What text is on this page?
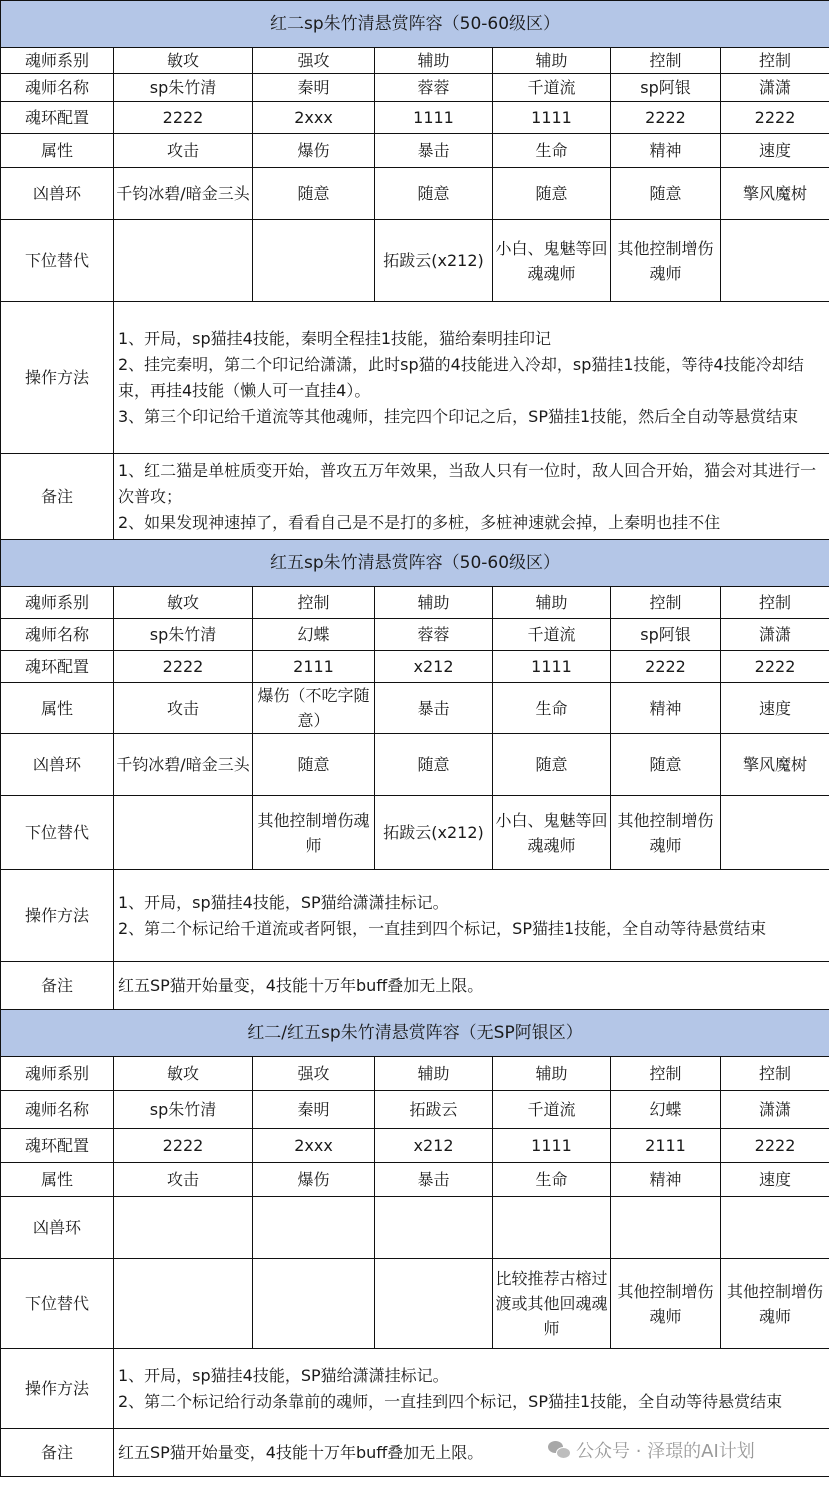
红二sp朱竹清悬赏阵容（50-60级区）						
魂师系别	敏攻	强攻	辅助	辅助	控制	控制
魂师名称	sp朱竹清	秦明	蓉蓉	千道流	sp阿银	潇潇
魂环配置	2222	2xxx	1111	1111	2222	2222
属性	攻击	爆伤	暴击	生命	精神	速度
凶兽环	千钧冰碧/暗金三头	随意	随意	随意	随意	擎风魔树
下位替代			拓跋云(x212)	小白、鬼魅等回魂魂师	其他控制增伤魂师	
操作方法	1、开局，sp猫挂4技能，秦明全程挂1技能，猫给秦明挂印记
2、挂完秦明，第二个印记给潇潇，此时sp猫的4技能进入冷却，sp猫挂1技能，等待4技能冷却结束，再挂4技能（懒人可一直挂4）。
3、第三个印记给千道流等其他魂师，挂完四个印记之后，SP猫挂1技能，然后全自动等悬赏结束					

备注	1、红二猫是单桩质变开始，普攻五万年效果，当敌人只有一位时，敌人回合开始，猫会对其进行一次普攻；
2、如果发现神速掉了，看看自己是不是打的多桩，多桩神速就会掉，上秦明也挂不住					

红五sp朱竹清悬赏阵容（50-60级区）						
魂师系别	敏攻	控制	辅助	辅助	控制	控制
魂师名称	sp朱竹清	幻蝶	蓉蓉	千道流	sp阿银	潇潇
魂环配置	2222	2111	x212	1111	2222	2222
属性	攻击	爆伤（不吃字随意）	暴击	生命	精神	速度
凶兽环	千钧冰碧/暗金三头	随意	随意	随意	随意	擎风魔树
下位替代		其他控制增伤魂师	拓跋云(x212)	小白、鬼魅等回魂魂师	其他控制增伤魂师	
操作方法	1、开局，sp猫挂4技能，SP猫给潇潇挂标记。
2、第二个标记给千道流或者阿银，一直挂到四个标记，SP猫挂1技能，全自动等待悬赏结束					

备注	红五SP猫开始量变，4技能十万年buff叠加无上限。					

红二/红五sp朱竹清悬赏阵容（无SP阿银区）						
魂师系别	敏攻	强攻	辅助	辅助	控制	控制
魂师名称	sp朱竹清	秦明	拓跋云	千道流	幻蝶	潇潇
魂环配置	2222	2xxx	x212	1111	2111	2222
属性	攻击	爆伤	暴击	生命	精神	速度
凶兽环						
下位替代				比较推荐古榕过渡或其他回魂魂师	其他控制增伤魂师	其他控制增伤魂师
操作方法	1、开局，sp猫挂4技能，SP猫给潇潇挂标记。
2、第二个标记给行动条靠前的魂师，一直挂到四个标记，SP猫挂1技能，全自动等待悬赏结束					

备注	红五SP猫开始量变，4技能十万年buff叠加无上限。						公众号 · 泽璟的AI计划
